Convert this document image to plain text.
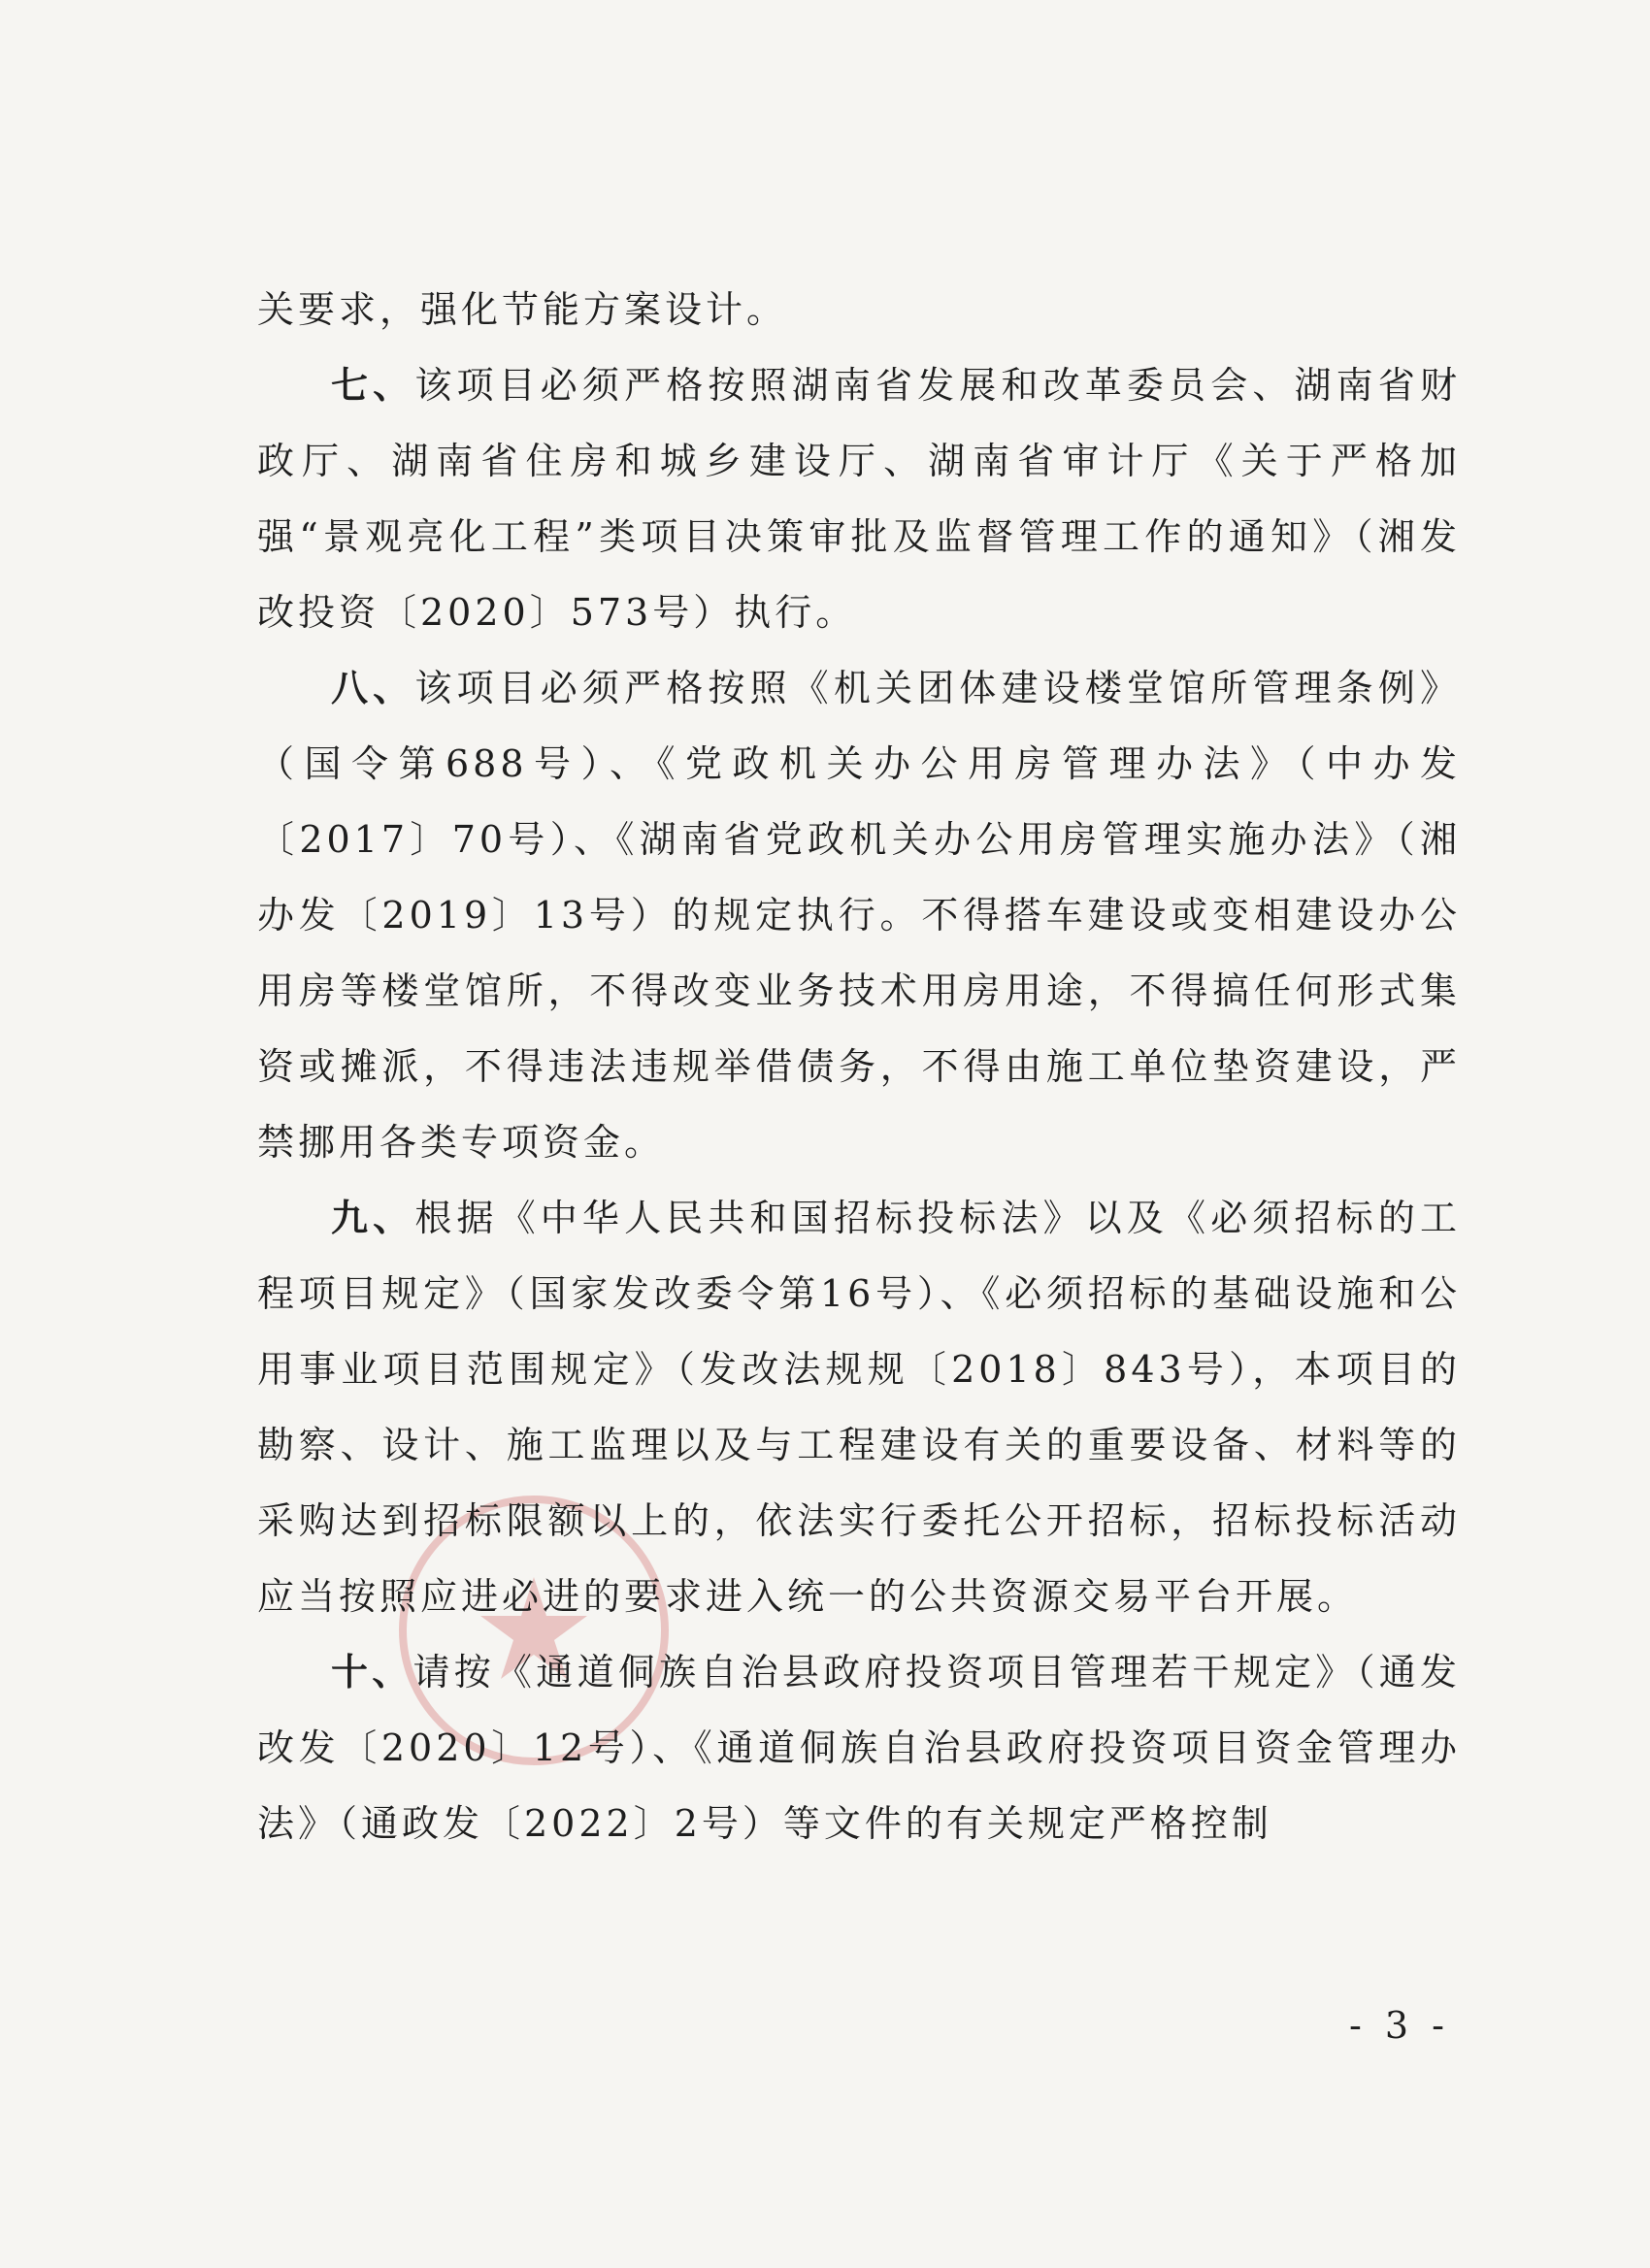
关要求，强化节能方案设计。

七、该项目必须严格按照湖南省发展和改革委员会、湖南省财政厅、湖南省住房和城乡建设厅、湖南省审计厅《关于严格加强“景观亮化工程”类项目决策审批及监督管理工作的通知》（湘发改投资〔2020〕573号）执行。

八、该项目必须严格按照《机关团体建设楼堂馆所管理条例》（国令第688号）、《党政机关办公用房管理办法》（中办发〔2017〕70号）、《湖南省党政机关办公用房管理实施办法》（湘办发〔2019〕13号）的规定执行。不得搭车建设或变相建设办公用房等楼堂馆所，不得改变业务技术用房用途，不得搞任何形式集资或摊派，不得违法违规举借债务，不得由施工单位垫资建设，严禁挪用各类专项资金。

九、根据《中华人民共和国招标投标法》以及《必须招标的工程项目规定》（国家发改委令第16号）、《必须招标的基础设施和公用事业项目范围规定》（发改法规规〔2018〕843号），本项目的勘察、设计、施工监理以及与工程建设有关的重要设备、材料等的采购达到招标限额以上的，依法实行委托公开招标，招标投标活动应当按照应进必进的要求进入统一的公共资源交易平台开展。

十、请按《通道侗族自治县政府投资项目管理若干规定》（通发改发〔2020〕12号）、《通道侗族自治县政府投资项目资金管理办法》（通政发〔2022〕2号）等文件的有关规定严格控制

- 3 -
